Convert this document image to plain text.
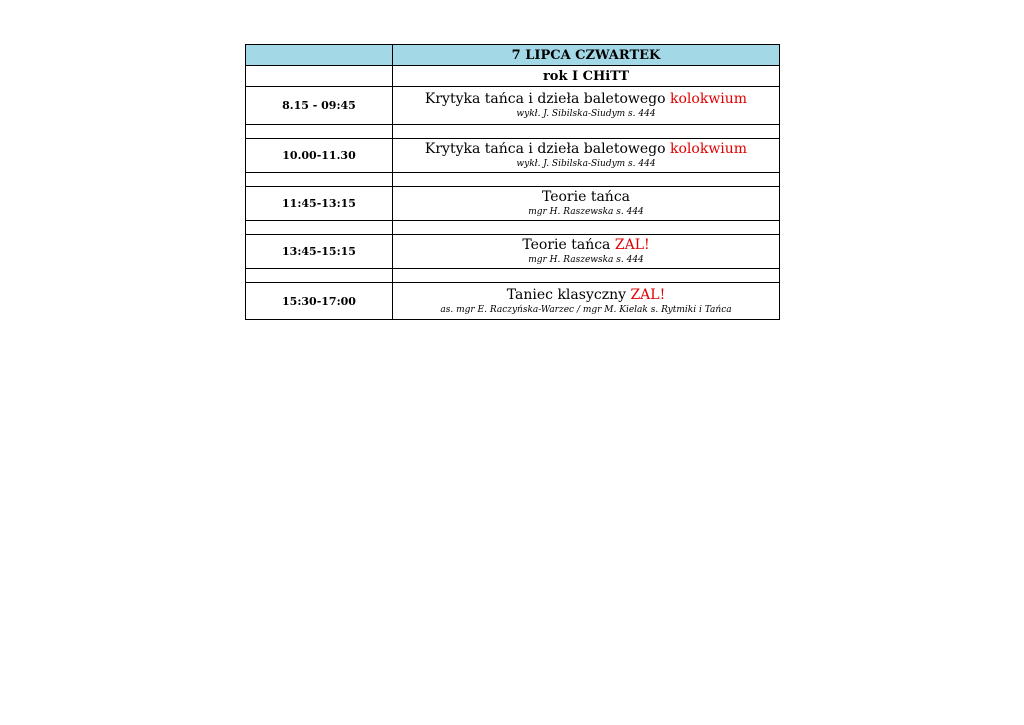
	7 LIPCA CZWARTEK
	rok I CHiTT
8.15 - 09:45	Krytyka tańca i dzieła baletowego kolokwium
wykł. J. Sibilska-Siudym s. 444

10.00-11.30	Krytyka tańca i dzieła baletowego kolokwium
wykł. J. Sibilska-Siudym s. 444

11:45-13:15	Teorie tańca
mgr H. Raszewska s. 444

13:45-15:15	Teorie tańca ZAL!
mgr H. Raszewska s. 444

15:30-17:00	Taniec klasyczny ZAL!
as. mgr E. Raczyńska-Warzec / mgr M. Kielak s. Rytmiki i Tańca
